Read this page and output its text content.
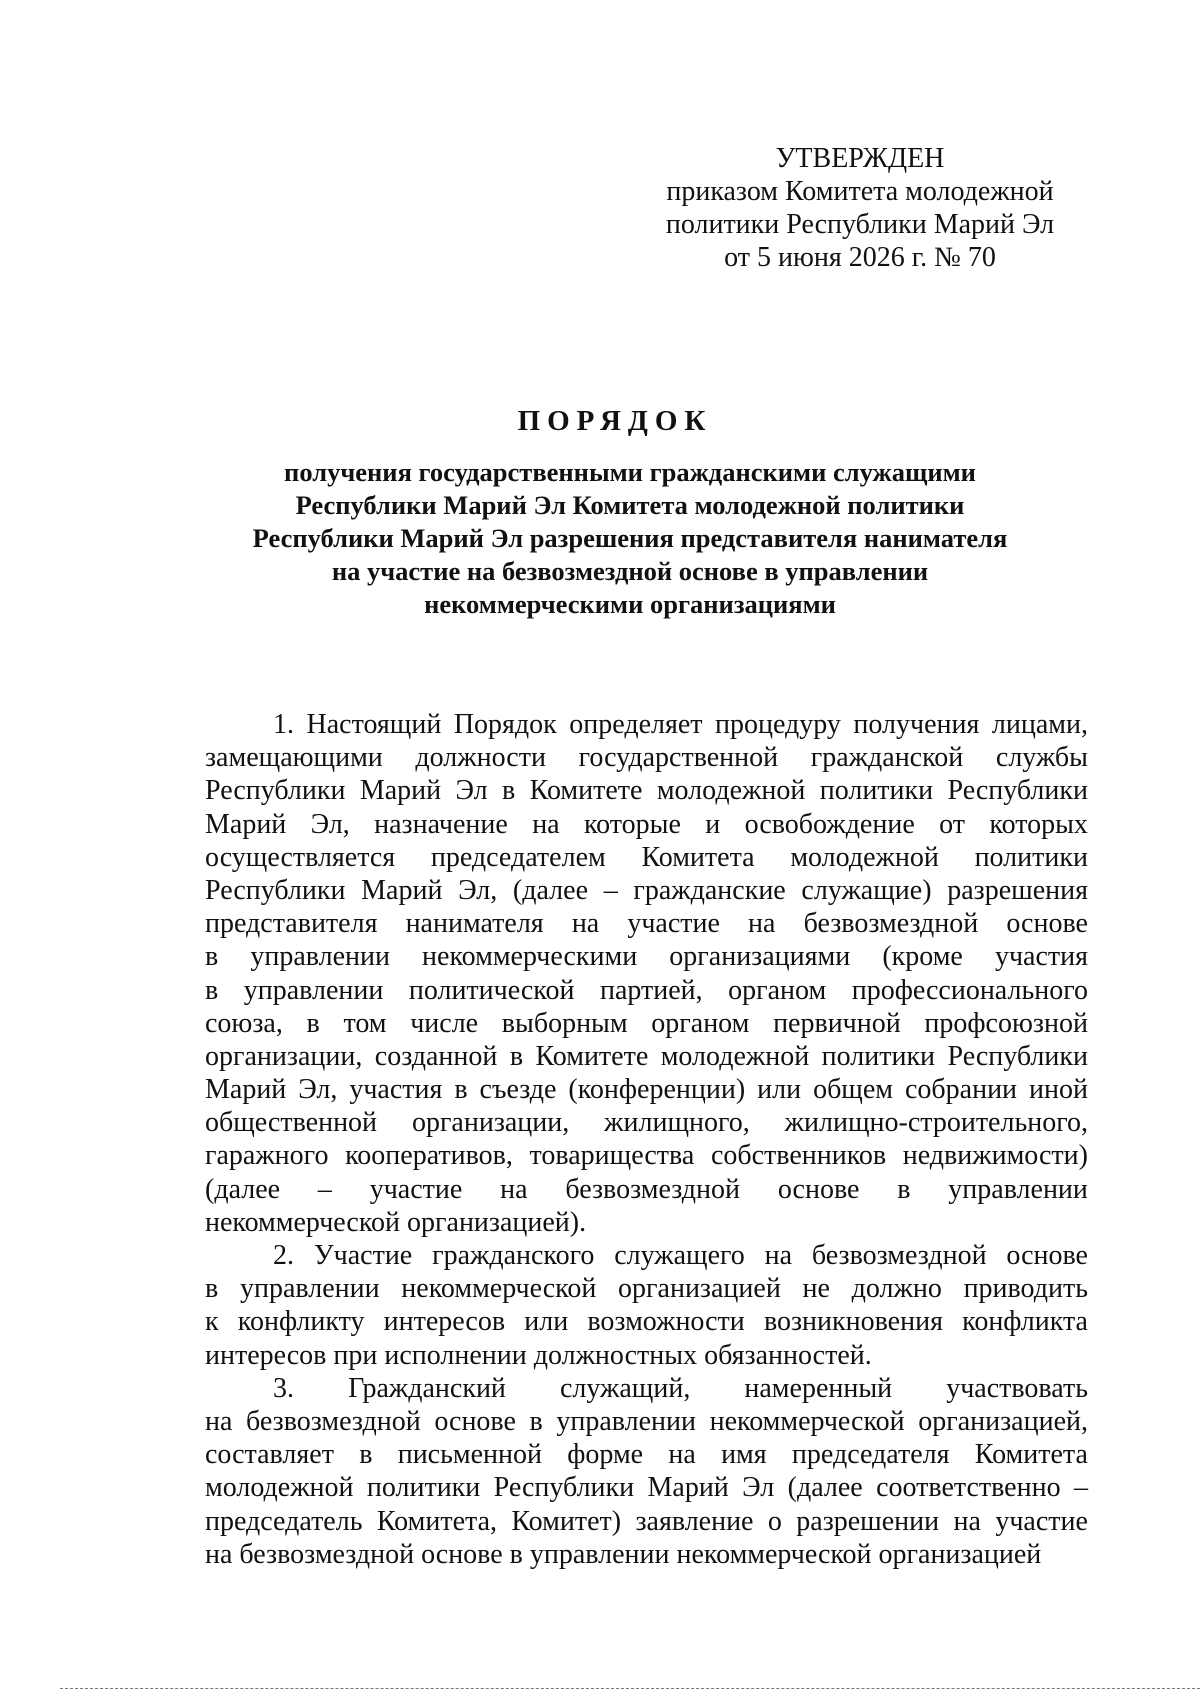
УТВЕРЖДЕН
приказом Комитета молодежной
политики Республики Марий Эл
от 5 июня 2026 г. № 70
ПОРЯДОК
получения государственными гражданскими служащими
Республики Марий Эл Комитета молодежной политики
Республики Марий Эл разрешения представителя нанимателя
на участие на безвозмездной основе в управлении
некоммерческими организациями
1. Настоящий Порядок определяет процедуру получения лицами,
замещающими должности государственной гражданской службы
Республики Марий Эл в Комитете молодежной политики Республики
Марий Эл, назначение на которые и освобождение от которых
осуществляется председателем Комитета молодежной политики
Республики Марий Эл, (далее – гражданские служащие) разрешения
представителя нанимателя на участие на безвозмездной основе
в управлении некоммерческими организациями (кроме участия
в управлении политической партией, органом профессионального
союза, в том числе выборным органом первичной профсоюзной
организации, созданной в Комитете молодежной политики Республики
Марий Эл, участия в съезде (конференции) или общем собрании иной
общественной организации, жилищного, жилищно-строительного,
гаражного кооперативов, товарищества собственников недвижимости)
(далее – участие на безвозмездной основе в управлении
некоммерческой организацией).
2. Участие гражданского служащего на безвозмездной основе
в управлении некоммерческой организацией не должно приводить
к конфликту интересов или возможности возникновения конфликта
интересов при исполнении должностных обязанностей.
3. Гражданский служащий, намеренный участвовать
на безвозмездной основе в управлении некоммерческой организацией,
составляет в письменной форме на имя председателя Комитета
молодежной политики Республики Марий Эл (далее соответственно –
председатель Комитета, Комитет) заявление о разрешении на участие
на безвозмездной основе в управлении некоммерческой организацией
